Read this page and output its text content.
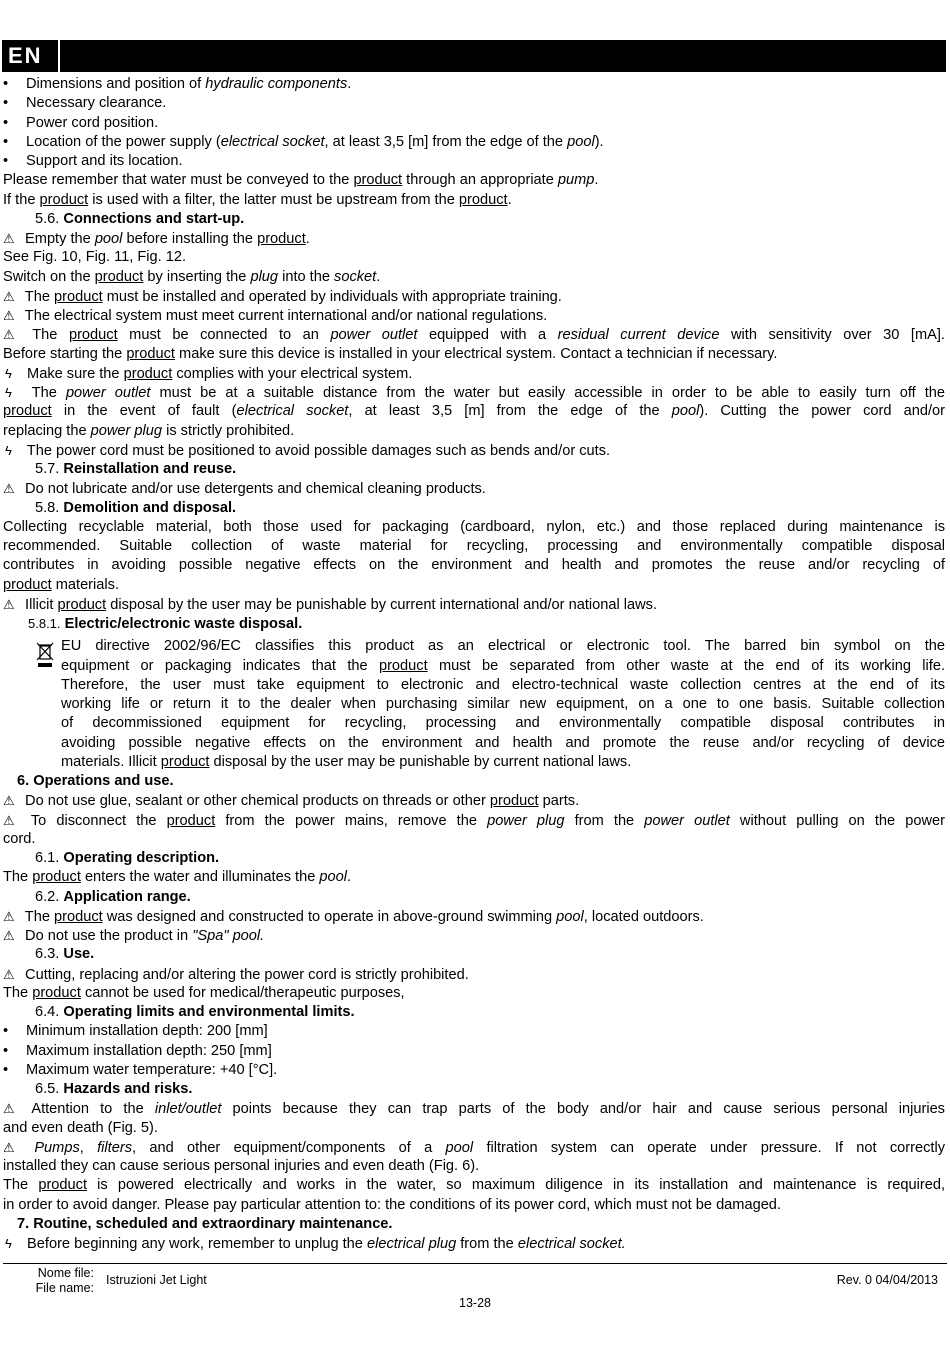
EN
• Dimensions and position of hydraulic components.
• Necessary clearance.
• Power cord position.
• Location of the power supply (electrical socket, at least 3,5 [m] from the edge of the pool).
• Support and its location.
Please remember that water must be conveyed to the product through an appropriate pump.
If the product is used with a filter, the latter must be upstream from the product.
5.6. Connections and start-up.
⚠ Empty the pool before installing the product.
See Fig. 10, Fig. 11, Fig. 12.
Switch on the product by inserting the plug into the socket.
⚠ The product must be installed and operated by individuals with appropriate training.
⚠ The electrical system must meet current international and/or national regulations.
⚠ The product must be connected to an power outlet equipped with a residual current device with sensitivity over 30 [mA].
Before starting the product make sure this device is installed in your electrical system. Contact a technician if necessary.
ϟ Make sure the product complies with your electrical system.
ϟ The power outlet must be at a suitable distance from the water but easily accessible in order to be able to easily turn off the
product in the event of fault (electrical socket, at least 3,5 [m] from the edge of the pool). Cutting the power cord and/or
replacing the power plug is strictly prohibited.
ϟ The power cord must be positioned to avoid possible damages such as bends and/or cuts.
5.7. Reinstallation and reuse.
⚠ Do not lubricate and/or use detergents and chemical cleaning products.
5.8. Demolition and disposal.
Collecting recyclable material, both those used for packaging (cardboard, nylon, etc.) and those replaced during maintenance is
recommended. Suitable collection of waste material for recycling, processing and environmentally compatible disposal
contributes in avoiding possible negative effects on the environment and health and promotes the reuse and/or recycling of
product materials.
⚠ Illicit product disposal by the user may be punishable by current international and/or national laws.
5.8.1. Electric/electronic waste disposal.
EU directive 2002/96/EC classifies this product as an electrical or electronic tool. The barred bin symbol on the
equipment or packaging indicates that the product must be separated from other waste at the end of its working life.
Therefore, the user must take equipment to electronic and electro-technical waste collection centres at the end of its
working life or return it to the dealer when purchasing similar new equipment, on a one to one basis. Suitable collection
of decommissioned equipment for recycling, processing and environmentally compatible disposal contributes in
avoiding possible negative effects on the environment and health and promote the reuse and/or recycling of device
materials. Illicit product disposal by the user may be punishable by current national laws.
6. Operations and use.
⚠ Do not use glue, sealant or other chemical products on threads or other product parts.
⚠ To disconnect the product from the power mains, remove the power plug from the power outlet without pulling on the power
cord.
6.1. Operating description.
The product enters the water and illuminates the pool.
6.2. Application range.
⚠ The product was designed and constructed to operate in above-ground swimming pool, located outdoors.
⚠ Do not use the product in "Spa" pool.
6.3. Use.
⚠ Cutting, replacing and/or altering the power cord is strictly prohibited.
The product cannot be used for medical/therapeutic purposes,
6.4. Operating limits and environmental limits.
• Minimum installation depth: 200 [mm]
• Maximum installation depth: 250 [mm]
• Maximum water temperature: +40 [°C].
6.5. Hazards and risks.
⚠ Attention to the inlet/outlet points because they can trap parts of the body and/or hair and cause serious personal injuries
and even death (Fig. 5).
⚠ Pumps, filters, and other equipment/components of a pool filtration system can operate under pressure. If not correctly
installed they can cause serious personal injuries and even death (Fig. 6).
The product is powered electrically and works in the water, so maximum diligence in its installation and maintenance is required,
in order to avoid danger. Please pay particular attention to: the conditions of its power cord, which must not be damaged.
7. Routine, scheduled and extraordinary maintenance.
ϟ Before beginning any work, remember to unplug the electrical plug from the electrical socket.
Nome file:
File name:
Istruzioni Jet Light	Rev. 0 04/04/2013
13-28
